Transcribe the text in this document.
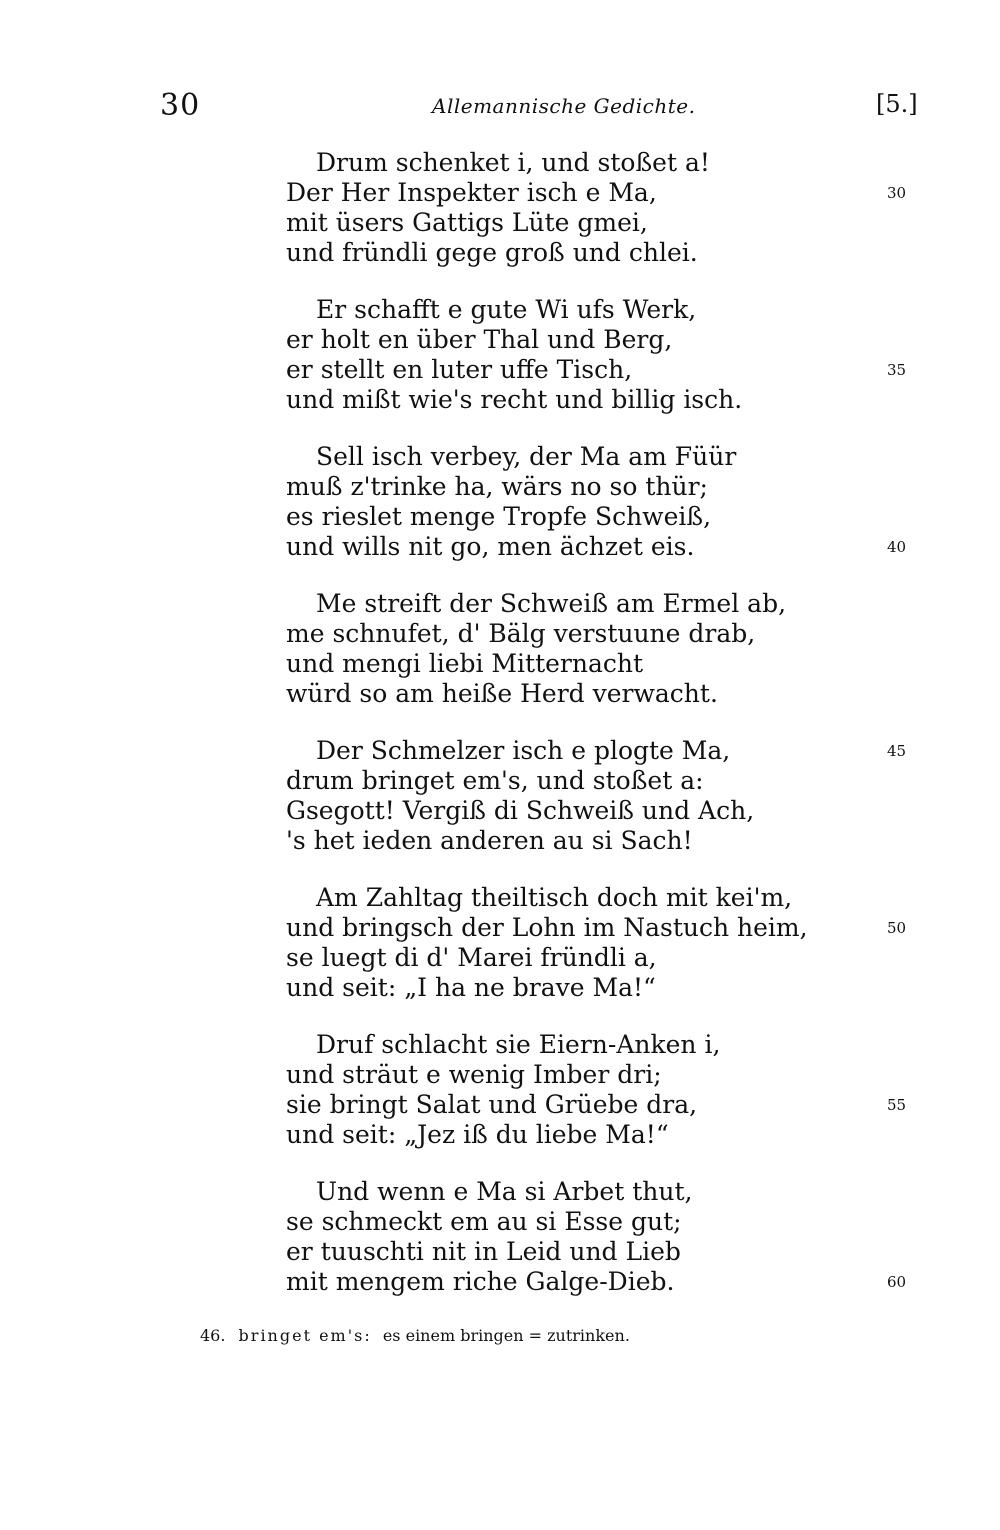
30	Allemannische Gedichte.	[5.]
Drum schenket i, und stoßet a!
Der Her Inspekter isch e Ma,	30
mit üsers Gattigs Lüte gmei,
und fründli gege groß und chlei.
Er schafft e gute Wi ufs Werk,
er holt en über Thal und Berg,
er stellt en luter uffe Tisch,	35
und mißt wie's recht und billig isch.
Sell isch verbey, der Ma am Füür
muß z'trinke ha, wärs no so thür;
es rieslet menge Tropfe Schweiß,
und wills nit go, men ächzet eis.	40
Me streift der Schweiß am Ermel ab,
me schnufet, d' Bälg verstuune drab,
und mengi liebi Mitternacht
würd so am heiße Herd verwacht.
Der Schmelzer isch e plogte Ma,	45
drum bringet em's, und stoßet a:
Gsegott! Vergiß di Schweiß und Ach,
's het ieden anderen au si Sach!
Am Zahltag theiltisch doch mit kei'm,
und bringsch der Lohn im Nastuch heim,	50
se luegt di d' Marei fründli a,
und seit: „I ha ne brave Ma!“
Druf schlacht sie Eiern-Anken i,
und sträut e wenig Imber dri;
sie bringt Salat und Grüebe dra,	55
und seit: „Jez iß du liebe Ma!“
Und wenn e Ma si Arbet thut,
se schmeckt em au si Esse gut;
er tuuschti nit in Leid und Lieb
mit mengem riche Galge-Dieb.	60
46. bringet em's: es einem bringen = zutrinken.
